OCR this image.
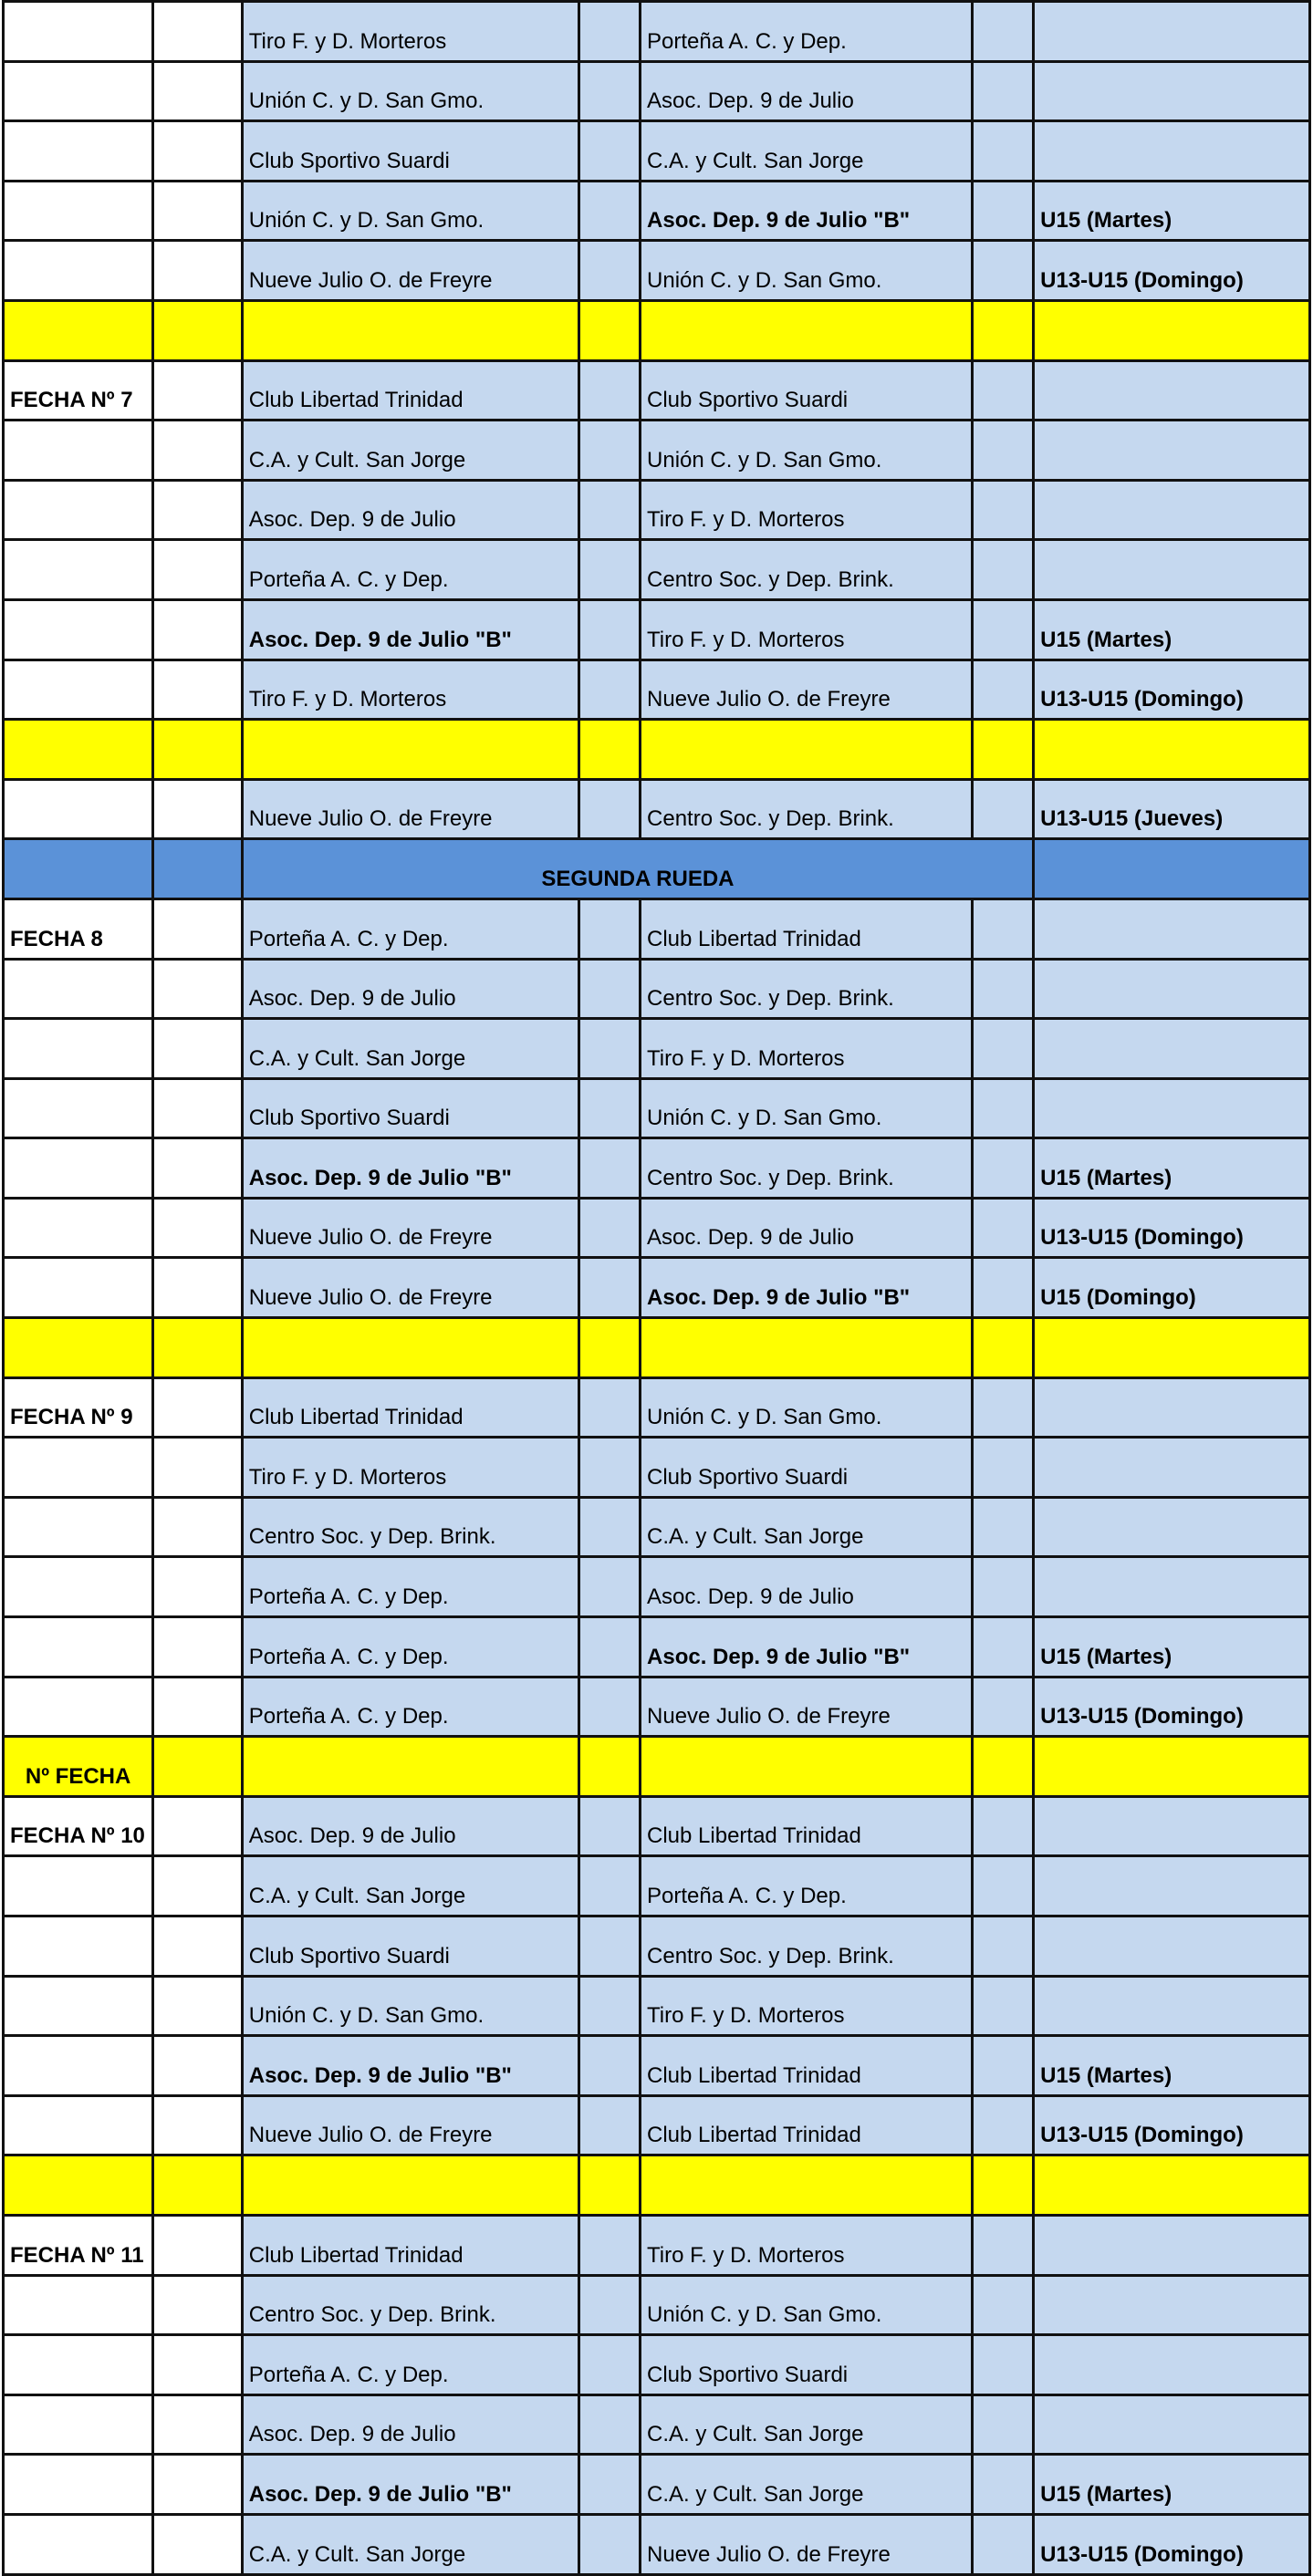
		Tiro F. y D. Morteros		Porteña A. C. y Dep.		
		Unión C. y D. San Gmo.		Asoc. Dep. 9 de Julio		
		Club Sportivo Suardi		C.A. y Cult. San Jorge		
		Unión C. y D. San Gmo.		Asoc. Dep. 9 de Julio "B"		U15 (Martes)
		Nueve Julio O. de Freyre		Unión C. y D. San Gmo.		U13-U15 (Domingo)

FECHA Nº 7		Club Libertad Trinidad		Club Sportivo Suardi		
		C.A. y Cult. San Jorge		Unión C. y D. San Gmo.		
		Asoc. Dep. 9 de Julio		Tiro F. y D. Morteros		
		Porteña A. C. y Dep.		Centro Soc. y Dep. Brink.		
		Asoc. Dep. 9 de Julio "B"		Tiro F. y D. Morteros		U15 (Martes)
		Tiro F. y D. Morteros		Nueve Julio O. de Freyre		U13-U15 (Domingo)

		Nueve Julio O. de Freyre		Centro Soc. y Dep. Brink.		U13-U15 (Jueves)
		SEGUNDA RUEDA				
FECHA 8		Porteña A. C. y Dep.		Club Libertad Trinidad		
		Asoc. Dep. 9 de Julio		Centro Soc. y Dep. Brink.		
		C.A. y Cult. San Jorge		Tiro F. y D. Morteros		
		Club Sportivo Suardi		Unión C. y D. San Gmo.		
		Asoc. Dep. 9 de Julio "B"		Centro Soc. y Dep. Brink.		U15 (Martes)
		Nueve Julio O. de Freyre		Asoc. Dep. 9 de Julio		U13-U15 (Domingo)
		Nueve Julio O. de Freyre		Asoc. Dep. 9 de Julio "B"		U15 (Domingo)

FECHA Nº 9		Club Libertad Trinidad		Unión C. y D. San Gmo.		
		Tiro F. y D. Morteros		Club Sportivo Suardi		
		Centro Soc. y Dep. Brink.		C.A. y Cult. San Jorge		
		Porteña A. C. y Dep.		Asoc. Dep. 9 de Julio		
		Porteña A. C. y Dep.		Asoc. Dep. 9 de Julio "B"		U15 (Martes)
		Porteña A. C. y Dep.		Nueve Julio O. de Freyre		U13-U15 (Domingo)
Nº FECHA						
FECHA Nº 10		Asoc. Dep. 9 de Julio		Club Libertad Trinidad		
		C.A. y Cult. San Jorge		Porteña A. C. y Dep.		
		Club Sportivo Suardi		Centro Soc. y Dep. Brink.		
		Unión C. y D. San Gmo.		Tiro F. y D. Morteros		
		Asoc. Dep. 9 de Julio "B"		Club Libertad Trinidad		U15 (Martes)
		Nueve Julio O. de Freyre		Club Libertad Trinidad		U13-U15 (Domingo)

FECHA Nº 11		Club Libertad Trinidad		Tiro F. y D. Morteros		
		Centro Soc. y Dep. Brink.		Unión C. y D. San Gmo.		
		Porteña A. C. y Dep.		Club Sportivo Suardi		
		Asoc. Dep. 9 de Julio		C.A. y Cult. San Jorge		
		Asoc. Dep. 9 de Julio "B"		C.A. y Cult. San Jorge		U15 (Martes)
		C.A. y Cult. San Jorge		Nueve Julio O. de Freyre		U13-U15 (Domingo)
